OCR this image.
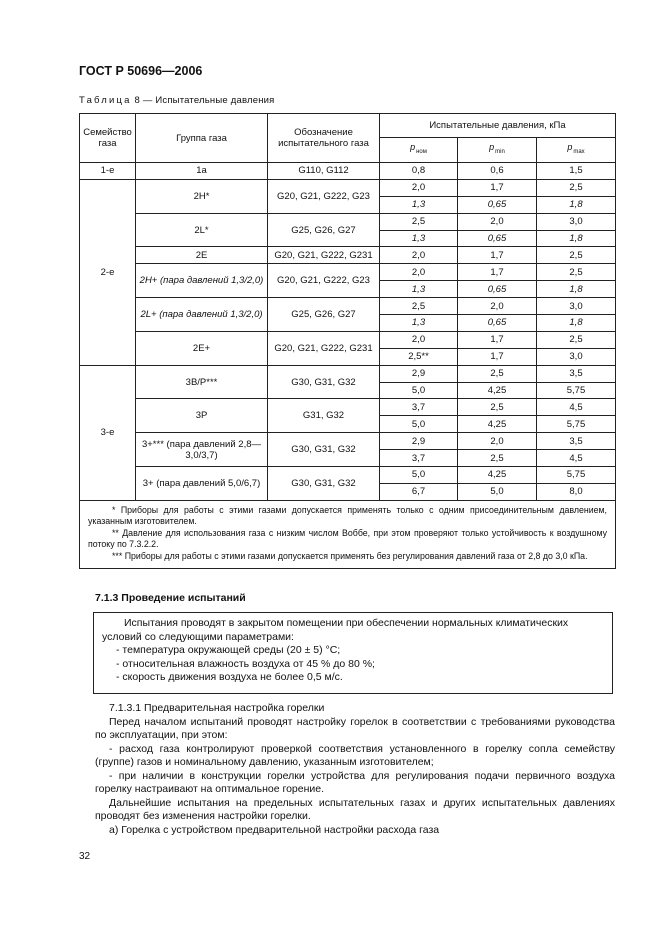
ГОСТ Р 50696—2006
Таблица 8 — Испытательные давления
Семейство газа	Группа газа	Обозначение испытательного газа	Испытательные давления, кПа		
			$p_{ном}$	$p_{min}$	$p_{max}$
1-е	1а	G110, G112	0,8	0,6	1,5
2-е	2Н*	G20, G21, G222, G23	2,0	1,7	2,5
			1,3	0,65	1,8
	2L*	G25, G26, G27	2,5	2,0	3,0
			1,3	0,65	1,8
	2Е	G20, G21, G222, G231	2,0	1,7	2,5
	2Н+ (пара давлений 1,3/2,0)	G20, G21, G222, G23	2,0	1,7	2,5
			1,3	0,65	1,8
	2L+ (пара давлений 1,3/2,0)	G25, G26, G27	2,5	2,0	3,0
			1,3	0,65	1,8
	2Е+	G20, G21, G222, G231	2,0	1,7	2,5
			2,5**	1,7	3,0
3-е	3В/Р***	G30, G31, G32	2,9	2,5	3,5
			5,0	4,25	5,75
	3Р	G31, G32	3,7	2,5	4,5
			5,0	4,25	5,75
	3+*** (пара давлений 2,8—3,0/3,7)	G30, G31, G32	2,9	2,0	3,5
			3,7	2,5	4,5
	3+ (пара давлений 5,0/6,7)	G30, G31, G32	5,0	4,25	5,75
			6,7	5,0	8,0

* Приборы для работы с этими газами допускается применять только с одним присоединительным давлением, указанным изготовителем.
** Давление для использования газа с низким числом Воббе, при этом проверяют только устойчивость к воздушному потоку по 7.3.2.2.
*** Приборы для работы с этими газами допускается применять без регулирования давлений газа от 2,8 до 3,0 кПа.					
7.1.3 Проведение испытаний

Испытания проводят в закрытом помещении при обеспечении нормальных климатических условий со следующими параметрами:

- температура окружающей среды (20 ± 5) °С;

- относительная влажность воздуха от 45 % до 80 %;

- скорость движения воздуха не более 0,5 м/с.

7.1.3.1 Предварительная настройка горелки

Перед началом испытаний проводят настройку горелок в соответствии с требованиями руководства по эксплуатации, при этом:

- расход газа контролируют проверкой соответствия установленного в горелку сопла семейству (группе) газов и номинальному давлению, указанным изготовителем;

- при наличии в конструкции горелки устройства для регулирования подачи первичного воздуха горелку настраивают на оптимальное горение.

Дальнейшие испытания на предельных испытательных газах и других испытательных давлениях проводят без изменения настройки горелки.

а) Горелка с устройством предварительной настройки расхода газа

32
